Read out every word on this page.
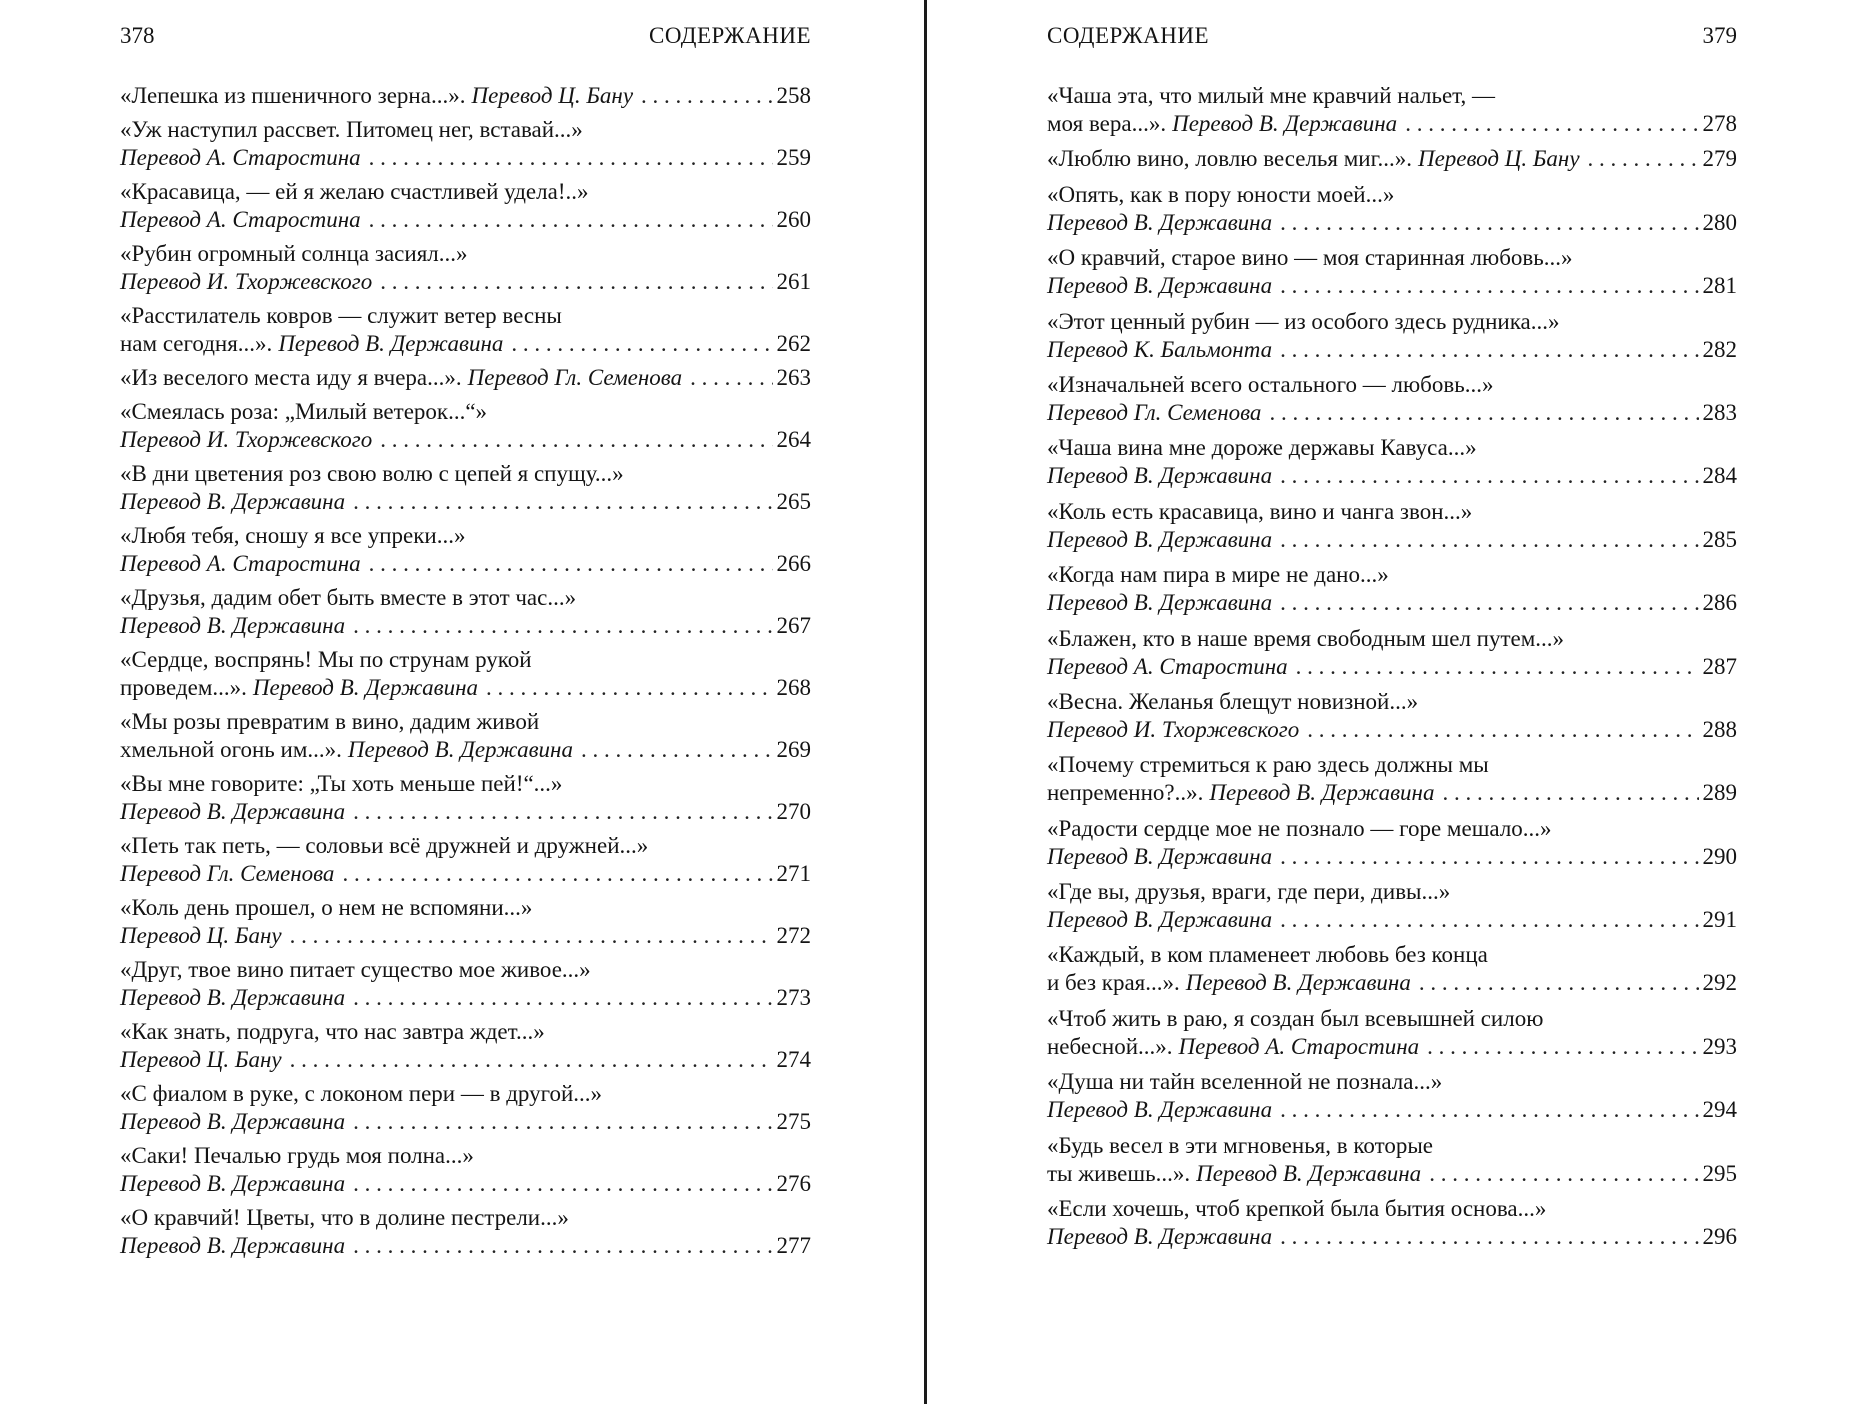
378	СОДЕРЖАНИЕ
«Лепешка из пшеничного зерна...». Перевод Ц. Бану . . .	258
«Уж наступил рассвет. Питомец нег, вставай...»
Перевод А. Старостина . . .	259
«Красавица, — ей я желаю счастливей удела!..»
Перевод А. Старостина . . .	260
«Рубин огромный солнца засиял...»
Перевод И. Тхоржевского . . .	261
«Расстилатель ковров — служит ветер весны
нам сегодня...». Перевод В. Державина . . .	262
«Из веселого места иду я вчера...». Перевод Гл. Семенова . . .	263
«Смеялась роза: „Милый ветерок...“»
Перевод И. Тхоржевского . . .	264
«В дни цветения роз свою волю с цепей я спущу...»
Перевод В. Державина . . .	265
«Любя тебя, сношу я все упреки...»
Перевод А. Старостина . . .	266
«Друзья, дадим обет быть вместе в этот час...»
Перевод В. Державина . . .	267
«Сердце, воспрянь! Мы по струнам рукой
проведем...». Перевод В. Державина . . .	268
«Мы розы превратим в вино, дадим живой
хмельной огонь им...». Перевод В. Державина . . .	269
«Вы мне говорите: „Ты хоть меньше пей!“...»
Перевод В. Державина . . .	270
«Петь так петь, — соловьи всё дружней и дружней...»
Перевод Гл. Семенова . . .	271
«Коль день прошел, о нем не вспомяни...»
Перевод Ц. Бану . . .	272
«Друг, твое вино питает существо мое живое...»
Перевод В. Державина . . .	273
«Как знать, подруга, что нас завтра ждет...»
Перевод Ц. Бану . . .	274
«С фиалом в руке, с локоном пери — в другой...»
Перевод В. Державина . . .	275
«Саки! Печалью грудь моя полна...»
Перевод В. Державина . . .	276
«О кравчий! Цветы, что в долине пестрели...»
Перевод В. Державина . . .	277
СОДЕРЖАНИЕ	379
«Чаша эта, что милый мне кравчий нальет, —
моя вера...». Перевод В. Державина . . .	278
«Люблю вино, ловлю веселья миг...». Перевод Ц. Бану . . .	279
«Опять, как в пору юности моей...»
Перевод В. Державина . . .	280
«О кравчий, старое вино — моя старинная любовь...»
Перевод В. Державина . . .	281
«Этот ценный рубин — из особого здесь рудника...»
Перевод К. Бальмонта . . .	282
«Изначальней всего остального — любовь...»
Перевод Гл. Семенова . . .	283
«Чаша вина мне дороже державы Кавуса...»
Перевод В. Державина . . .	284
«Коль есть красавица, вино и чанга звон...»
Перевод В. Державина . . .	285
«Когда нам пира в мире не дано...»
Перевод В. Державина . . .	286
«Блажен, кто в наше время свободным шел путем...»
Перевод А. Старостина . . .	287
«Весна. Желанья блещут новизной...»
Перевод И. Тхоржевского . . .	288
«Почему стремиться к раю здесь должны мы
непременно?..». Перевод В. Державина . . .	289
«Радости сердце мое не познало — горе мешало...»
Перевод В. Державина . . .	290
«Где вы, друзья, враги, где пери, дивы...»
Перевод В. Державина . . .	291
«Каждый, в ком пламенеет любовь без конца
и без края...». Перевод В. Державина . . .	292
«Чтоб жить в раю, я создан был всевышней силою
небесной...». Перевод А. Старостина . . .	293
«Душа ни тайн вселенной не познала...»
Перевод В. Державина . . .	294
«Будь весел в эти мгновенья, в которые
ты живешь...». Перевод В. Державина . . .	295
«Если хочешь, чтоб крепкой была бытия основа...»
Перевод В. Державина . . .	296
